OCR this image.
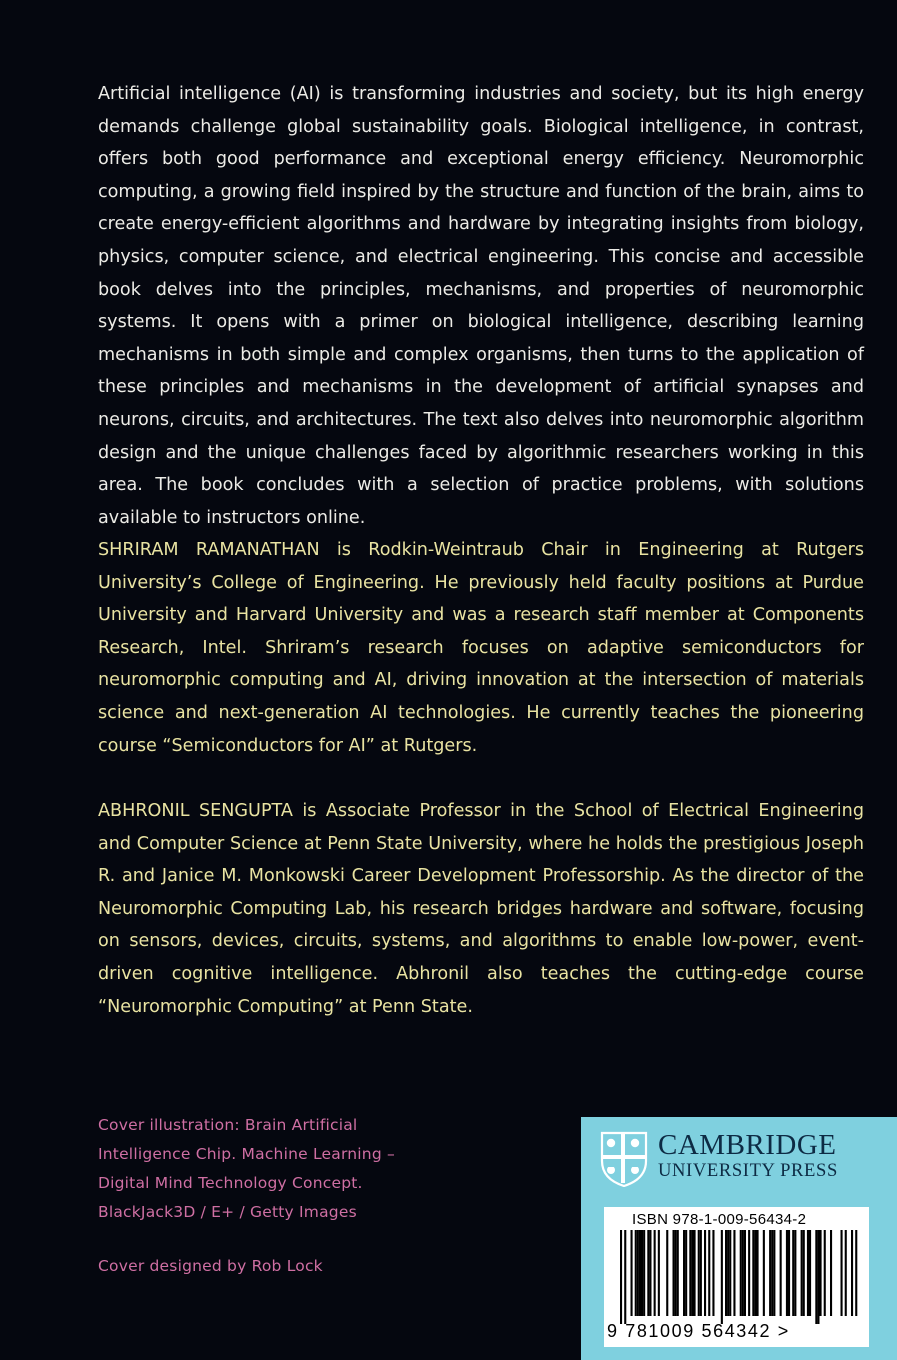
Artificial intelligence (AI) is transforming industries and society, but its high energy demands challenge global sustainability goals. Biological intelligence, in contrast, offers both good performance and exceptional energy efficiency. Neuromorphic computing, a growing field inspired by the structure and function of the brain, aims to create energy-efficient algorithms and hardware by integrating insights from biology, physics, computer science, and electrical engineering. This concise and accessible book delves into the principles, mechanisms, and properties of neuromorphic systems. It opens with a primer on biological intelligence, describing learning mechanisms in both simple and complex organisms, then turns to the application of these principles and mechanisms in the development of artificial synapses and neurons, circuits, and architectures. The text also delves into neuromorphic algorithm design and the unique challenges faced by algorithmic researchers working in this area. The book concludes with a selection of practice problems, with solutions available to instructors online.

SHRIRAM RAMANATHAN is Rodkin-Weintraub Chair in Engineering at Rutgers University’s College of Engineering. He previously held faculty positions at Purdue University and Harvard University and was a research staff member at Components Research, Intel. Shriram’s research focuses on adaptive semiconductors for neuromorphic computing and AI, driving innovation at the intersection of materials science and next-generation AI technologies. He currently teaches the pioneering course “Semiconductors for AI” at Rutgers.

ABHRONIL SENGUPTA is Associate Professor in the School of Electrical Engineering and Computer Science at Penn State University, where he holds the prestigious Joseph R. and Janice M. Monkowski Career Development Professorship. As the director of the Neuromorphic Computing Lab, his research bridges hardware and software, focusing on sensors, devices, circuits, systems, and algorithms to enable low-power, event-driven cognitive intelligence. Abhronil also teaches the cutting-edge course “Neuromorphic Computing” at Penn State.

Cover illustration: Brain Artificial Intelligence Chip. Machine Learning – Digital Mind Technology Concept. BlackJack3D / E+ / Getty Images
Cover designed by Rob Lock
CAMBRIDGE
UNIVERSITY PRESS
ISBN 978-1-009-56434-2
9 781009 564342 >
